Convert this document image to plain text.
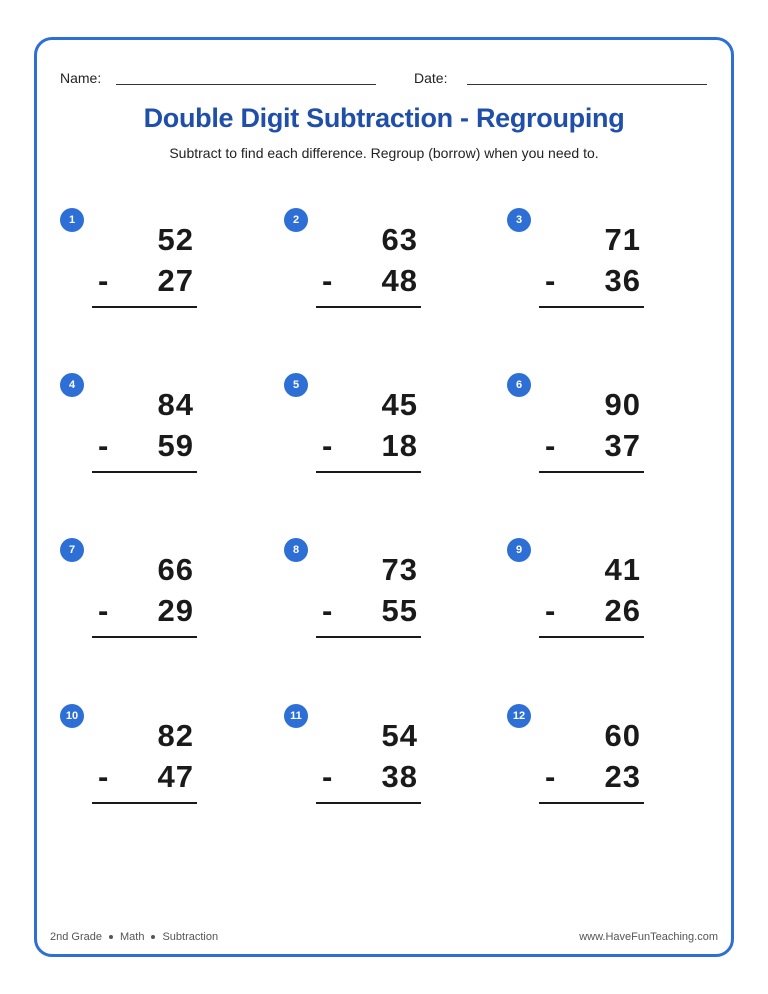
Name:	Date:
Double Digit Subtraction - Regrouping
Subtract to find each difference. Regroup (borrow) when you need to.
1
52
- 27
2
63
- 48
3
71
- 36
4
84
- 59
5
45
- 18
6
90
- 37
7
66
- 29
8
73
- 55
9
41
- 26
10
82
- 47
11
54
- 38
12
60
- 23
2nd Grade Math Subtraction	www.HaveFunTeaching.com
